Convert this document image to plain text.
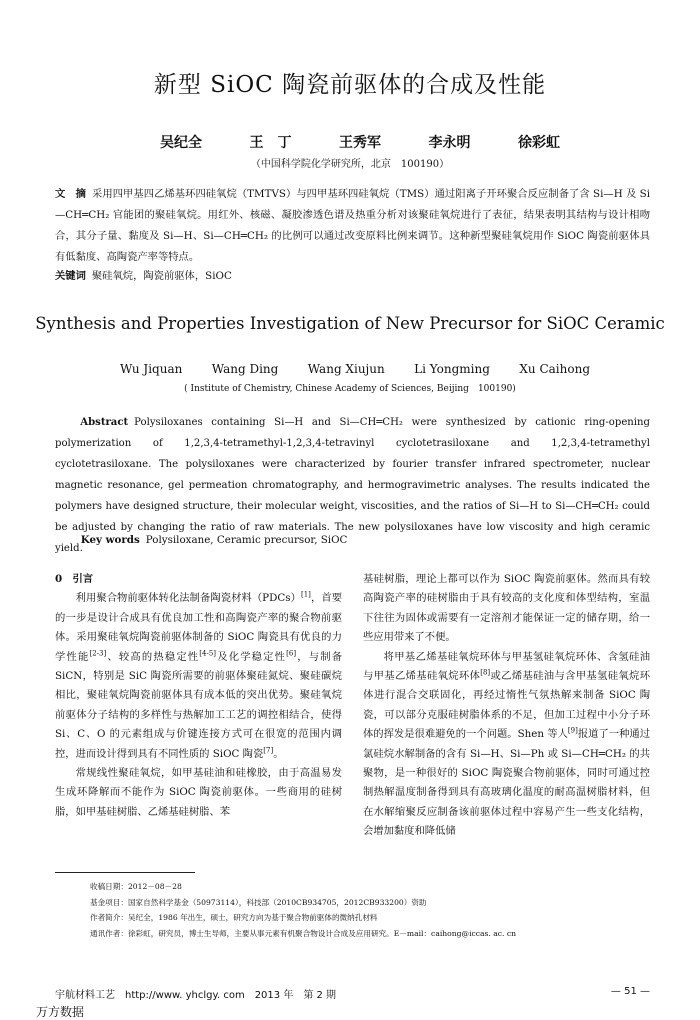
新型 SiOC 陶瓷前驱体的合成及性能
吴纪全	王　丁	王秀军	李永明	徐彩虹
（中国科学院化学研究所，北京　100190）
文　摘 采用四甲基四乙烯基环四硅氧烷（TMTVS）与四甲基环四硅氧烷（TMS）通过阳离子开环聚合反应制备了含 Si—H 及 Si—CH═CH₂ 官能团的聚硅氧烷。用红外、核磁、凝胶渗透色谱及热重分析对该聚硅氧烷进行了表征，结果表明其结构与设计相吻合，其分子量、黏度及 Si—H、Si—CH═CH₂ 的比例可以通过改变原料比例来调节。这种新型聚硅氧烷用作 SiOC 陶瓷前驱体具有低黏度、高陶瓷产率等特点。
关键词 聚硅氧烷，陶瓷前驱体，SiOC
Synthesis and Properties Investigation of New Precursor for SiOC Ceramic
Wu Jiquan Wang Ding Wang Xiujun Li Yongming Xu Caihong
( Institute of Chemistry, Chinese Academy of Sciences, Beijing　100190)
Abstract Polysiloxanes containing Si—H and Si—CH═CH₂ were synthesized by cationic ring-opening polymerization of 1,2,3,4-tetramethyl-1,2,3,4-tetravinyl cyclotetrasiloxane and 1,2,3,4-tetramethyl cyclotetrasiloxane. The polysiloxanes were characterized by fourier transfer infrared spectrometer, nuclear magnetic resonance, gel permeation chromatography, and hermogravimetric analyses. The results indicated the polymers have designed structure, their molecular weight, viscosities, and the ratios of Si—H to Si—CH═CH₂ could be adjusted by changing the ratio of raw materials. The new polysiloxanes have low viscosity and high ceramic yield.
Key words Polysiloxane, Ceramic precursor, SiOC

0　引言

利用聚合物前驱体转化法制备陶瓷材料（PDCs）[1]，首要的一步是设计合成具有优良加工性和高陶瓷产率的聚合物前驱体。采用聚硅氧烷陶瓷前驱体制备的 SiOC 陶瓷具有优良的力学性能[2-3]、较高的热稳定性[4-5]及化学稳定性[6]，与制备 SiCN，特别是 SiC 陶瓷所需要的前驱体聚硅氮烷、聚硅碳烷相比，聚硅氧烷陶瓷前驱体具有成本低的突出优势。聚硅氧烷前驱体分子结构的多样性与热解加工工艺的调控相结合，使得 Si、C、O 的元素组成与价键连接方式可在很宽的范围内调控，进而设计得到具有不同性质的 SiOC 陶瓷[7]。

常规线性聚硅氧烷，如甲基硅油和硅橡胶，由于高温易发生成环降解而不能作为 SiOC 陶瓷前驱体。一些商用的硅树脂，如甲基硅树脂、乙烯基硅树脂、苯

基硅树脂，理论上都可以作为 SiOC 陶瓷前驱体。然而具有较高陶瓷产率的硅树脂由于具有较高的支化度和体型结构，室温下往往为固体或需要有一定溶剂才能保证一定的储存期，给一些应用带来了不便。

将甲基乙烯基硅氧烷环体与甲基氢硅氧烷环体、含氢硅油与甲基乙烯基硅氧烷环体[8]或乙烯基硅油与含甲基氢硅氧烷环体进行混合交联固化，再经过惰性气氛热解来制备 SiOC 陶瓷，可以部分克服硅树脂体系的不足，但加工过程中小分子环体的挥发是很难避免的一个问题。Shen 等人[9]报道了一种通过氯硅烷水解制备的含有 Si—H、Si—Ph 或 Si—CH═CH₂ 的共聚物，是一种很好的 SiOC 陶瓷聚合物前驱体，同时可通过控制热解温度制备得到具有高玻璃化温度的耐高温树脂材料，但在水解缩聚反应制备该前驱体过程中容易产生一些支化结构，会增加黏度和降低储

收稿日期：2012－08－28
基金项目：国家自然科学基金（50973114），科技部（2010CB934705，2012CB933200）资助
作者简介：吴纪全，1986 年出生，硕士，研究方向为基于聚合物前驱体的微纳孔材料
通讯作者：徐彩虹，研究员，博士生导师，主要从事元素有机聚合物设计合成及应用研究。E－mail：caihong@iccas. ac. cn
宇航材料工艺　http://www. yhclgy. com　2013 年　第 2 期	— 51 —
万方数据
